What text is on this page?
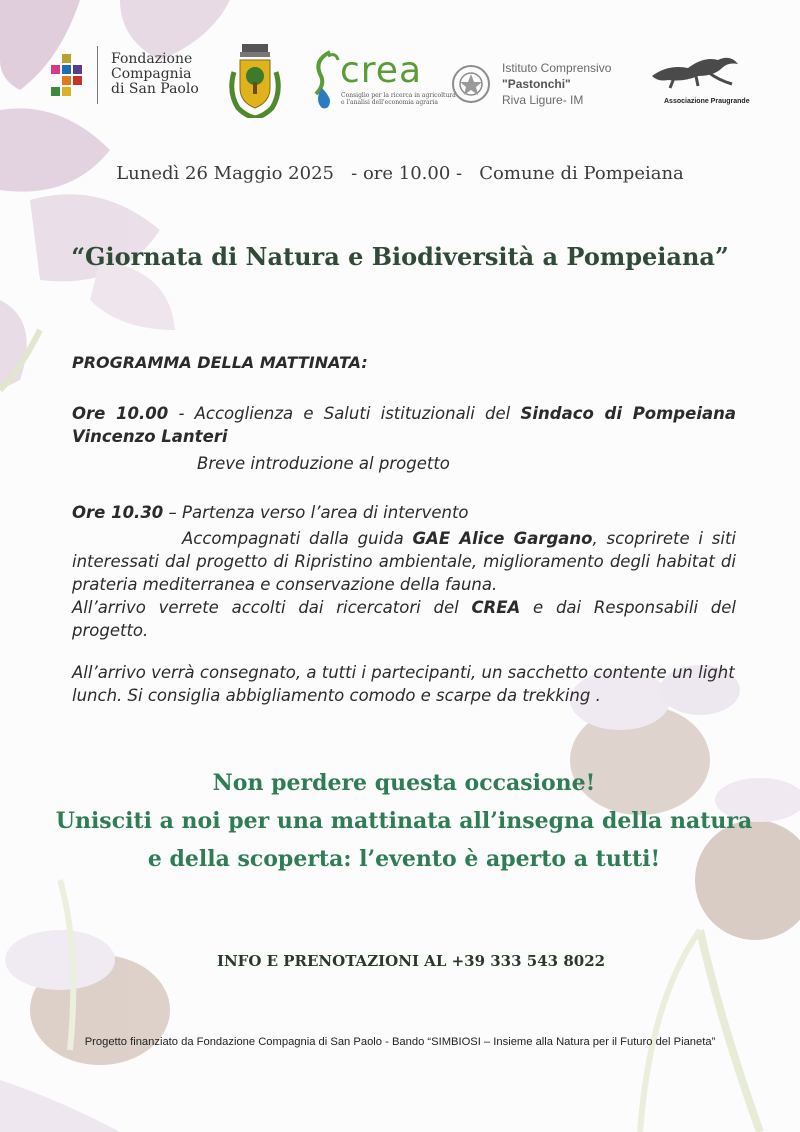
Fondazione
Compagnia
di San Paolo	crea
Consiglio per la ricerca in agricoltura
e l'analisi dell'economia agraria
Istituto Comprensivo
"Pastonchi"
Riva Ligure- IM	Associazione Praugrande
Lunedì 26 Maggio 2025 - ore 10.00 - Comune di Pompeiana
“Giornata di Natura e Biodiversità a Pompeiana”
PROGRAMMA DELLA MATTINATA:
Ore 10.00 - Accoglienza e Saluti istituzionali del Sindaco di Pompeiana Vincenzo Lanteri
Breve introduzione al progetto
Ore 10.30 – Partenza verso l’area di intervento
Accompagnati dalla guida GAE Alice Gargano, scoprirete i siti interessati dal progetto di Ripristino ambientale, miglioramento degli habitat di prateria mediterranea e conservazione della fauna.
All’arrivo verrete accolti dai ricercatori del CREA e dai Responsabili del progetto.
All’arrivo verrà consegnato, a tutti i partecipanti, un sacchetto contente un light lunch. Si consiglia abbigliamento comodo e scarpe da trekking .
Non perdere questa occasione!
Unisciti a noi per una mattinata all’insegna della natura
e della scoperta: l’evento è aperto a tutti!
INFO E PRENOTAZIONI AL +39 333 543 8022
Progetto finanziato da Fondazione Compagnia di San Paolo - Bando “SIMBIOSI – Insieme alla Natura per il Futuro del Pianeta”
